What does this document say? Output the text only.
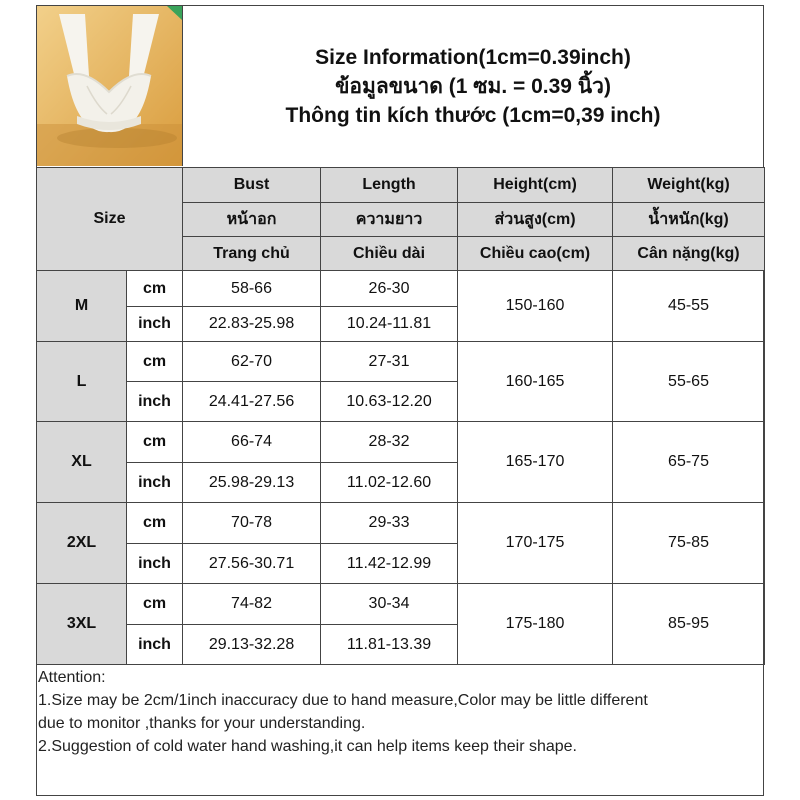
Size Information(1cm=0.39inch)
ข้อมูลขนาด (1 ซม. = 0.39 นิ้ว)
Thông tin kích thước (1cm=0,39 inch)
Size		Bust	Length	Height(cm)	Weight(kg)
		หน้าอก	ความยาว	ส่วนสูง(cm)	น้ำหนัก(kg)
		Trang chủ	Chiều dài	Chiều cao(cm)	Cân nặng(kg)
M	cm	58-66	26-30	150-160	45-55
	inch	22.83-25.98	10.24-11.81		
L	cm	62-70	27-31	160-165	55-65
	inch	24.41-27.56	10.63-12.20		
XL	cm	66-74	28-32	165-170	65-75
	inch	25.98-29.13	11.02-12.60		
2XL	cm	70-78	29-33	170-175	75-85
	inch	27.56-30.71	11.42-12.99		
3XL	cm	74-82	30-34	175-180	85-95
	inch	29.13-32.28	11.81-13.39		
Attention:
1.Size may be 2cm/1inch inaccuracy due to hand measure,Color may be little different
due to monitor ,thanks for your understanding.
2.Suggestion of cold water hand washing,it can help items keep their shape.
